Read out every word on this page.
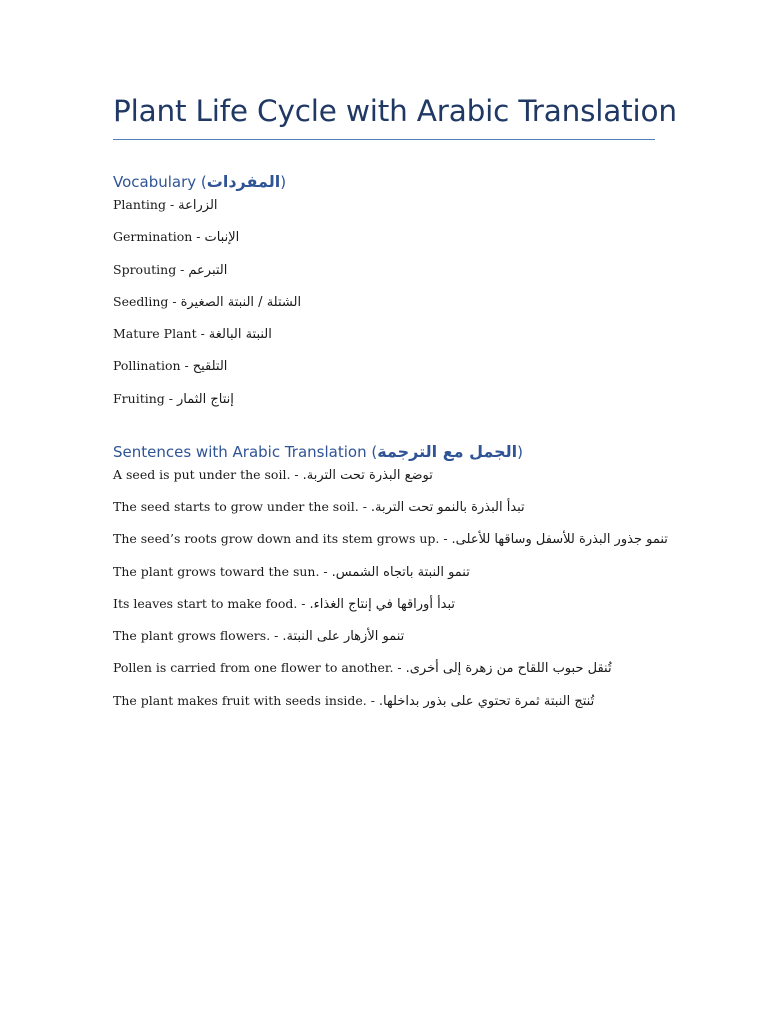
Plant Life Cycle with Arabic Translation
Vocabulary (المفردات)
Planting - الزراعة
Germination - الإنبات
Sprouting - التبرعم
Seedling - الشتلة / النبتة الصغيرة
Mature Plant - النبتة البالغة
Pollination - التلقيح
Fruiting - إنتاج الثمار
Sentences with Arabic Translation (الجمل مع الترجمة)
A seed is put under the soil. - توضع البذرة تحت التربة.
The seed starts to grow under the soil. - تبدأ البذرة بالنمو تحت التربة.
The seed’s roots grow down and its stem grows up. - تنمو جذور البذرة للأسفل وساقها للأعلى.
The plant grows toward the sun. - تنمو النبتة باتجاه الشمس.
Its leaves start to make food. - تبدأ أوراقها في إنتاج الغذاء.
The plant grows flowers. - تنمو الأزهار على النبتة.
Pollen is carried from one flower to another. - تُنقل حبوب اللقاح من زهرة إلى أخرى.
The plant makes fruit with seeds inside. - تُنتج النبتة ثمرة تحتوي على بذور بداخلها.
